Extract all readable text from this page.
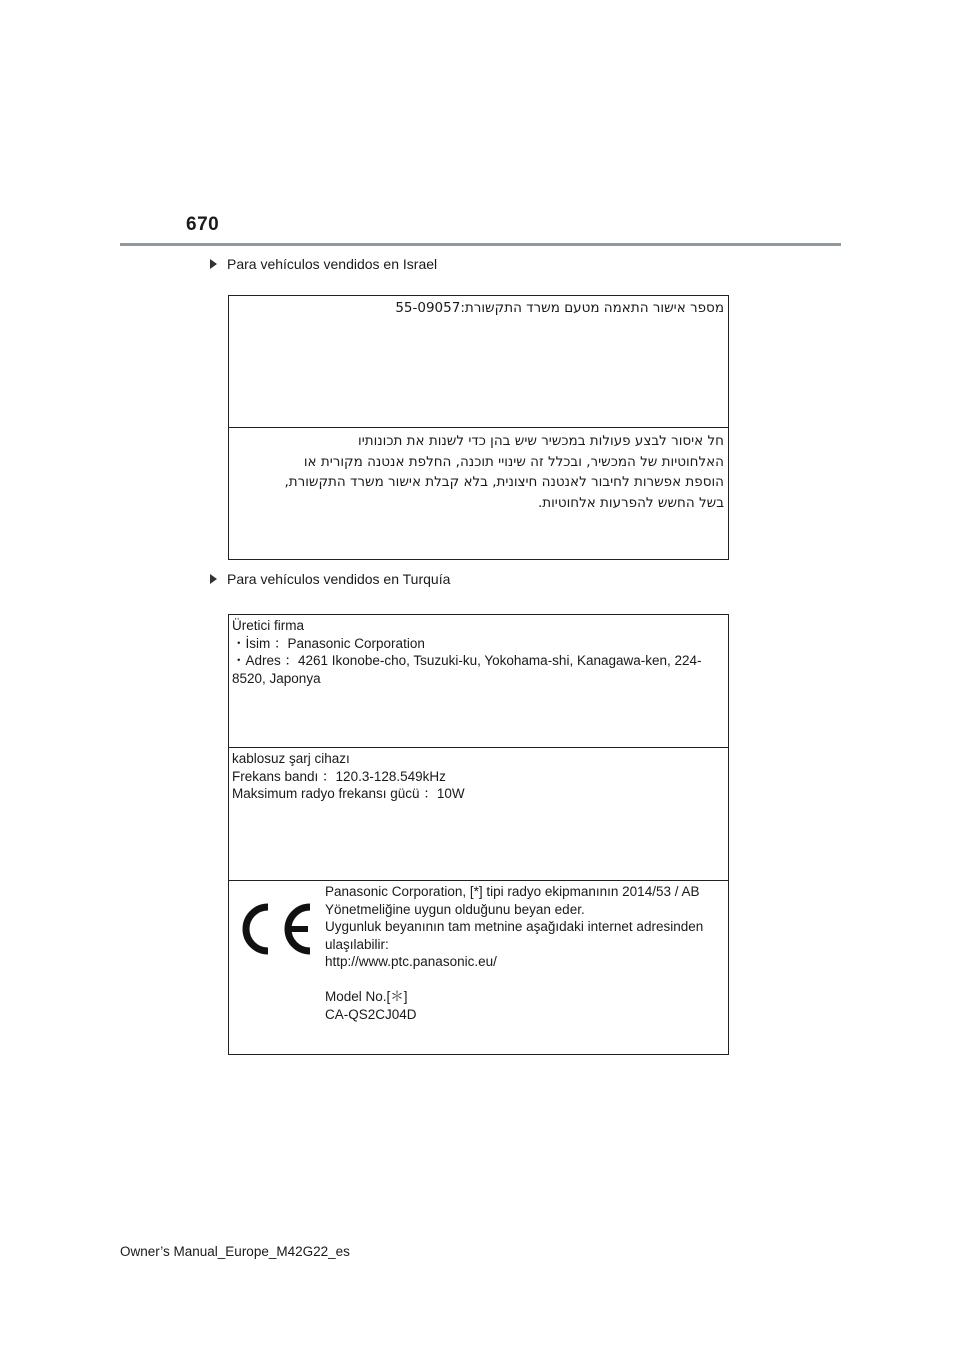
670
Para vehículos vendidos en Israel
מספר אישור התאמה מטעם משרד התקשורת:55-09057
חל איסור לבצע פעולות במכשיר שיש בהן כדי לשנות את תכונותיו
האלחוטיות של המכשיר, ובכלל זה שינויי תוכנה, החלפת אנטנה מקורית או
הוספת אפשרות לחיבור לאנטנה חיצונית, בלא קבלת אישור משרד התקשורת,
בשל החשש להפרעות אלחוטיות.
Para vehículos vendidos en Turquía
Üretici firma
・İsim ：Panasonic Corporation
・Adres ：4261 Ikonobe-cho, Tsuzuki-ku, Yokohama-shi, Kanagawa-ken, 224-
8520, Japonya
kablosuz şarj cihazı
Frekans bandı ：120.3-128.549kHz
Maksimum radyo frekansı gücü ：10W
Panasonic Corporation, [*] tipi radyo ekipmanının 2014/53 / AB
Yönetmeliğine uygun olduğunu beyan eder.
Uygunluk beyanının tam metnine aşağıdaki internet adresinden
ulaşılabilir:
http://www.ptc.panasonic.eu/
Model No.[＊]
CA-QS2CJ04D
Owner’s Manual_Europe_M42G22_es
